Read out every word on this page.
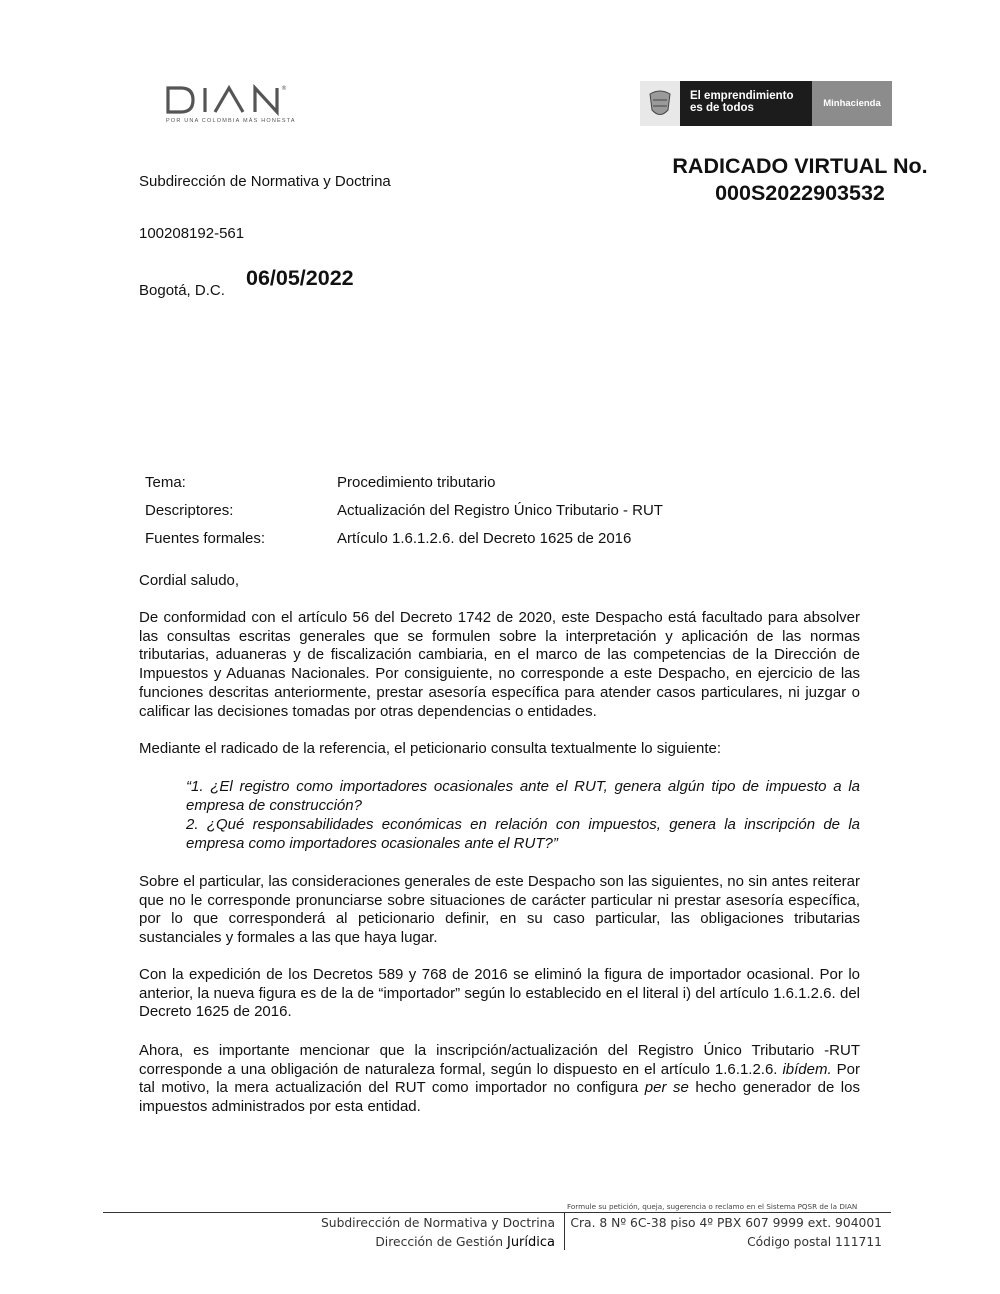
®
POR UNA COLOMBIA MÁS HONESTA
El emprendimiento
es de todos	Minhacienda
Subdirección de Normativa y Doctrina
RADICADO VIRTUAL No.
000S2022903532
100208192-561
Bogotá, D.C.
06/05/2022
Tema:	Procedimiento tributario
Descriptores:	Actualización del Registro Único Tributario - RUT
Fuentes formales:	Artículo 1.6.1.2.6. del Decreto 1625 de 2016
Cordial saludo,
De conformidad con el artículo 56 del Decreto 1742 de 2020, este Despacho está facultado para absolver las consultas escritas generales que se formulen sobre la interpretación y aplicación de las normas tributarias, aduaneras y de fiscalización cambiaria, en el marco de las competencias de la Dirección de Impuestos y Aduanas Nacionales. Por consiguiente, no corresponde a este Despacho, en ejercicio de las funciones descritas anteriormente, prestar asesoría específica para atender casos particulares, ni juzgar o calificar las decisiones tomadas por otras dependencias o entidades.
Mediante el radicado de la referencia, el peticionario consulta textualmente lo siguiente:
“1. ¿El registro como importadores ocasionales ante el RUT, genera algún tipo de impuesto a la empresa de construcción?
2. ¿Qué responsabilidades económicas en relación con impuestos, genera la inscripción de la empresa como importadores ocasionales ante el RUT?”
Sobre el particular, las consideraciones generales de este Despacho son las siguientes, no sin antes reiterar que no le corresponde pronunciarse sobre situaciones de carácter particular ni prestar asesoría específica, por lo que corresponderá al peticionario definir, en su caso particular, las obligaciones tributarias sustanciales y formales a las que haya lugar.
Con la expedición de los Decretos 589 y 768 de 2016 se eliminó la figura de importador ocasional. Por lo anterior, la nueva figura es de la de “importador” según lo establecido en el literal i) del artículo 1.6.1.2.6. del Decreto 1625 de 2016.
Ahora, es importante mencionar que la inscripción/actualización del Registro Único Tributario -RUT corresponde a una obligación de naturaleza formal, según lo dispuesto en el artículo 1.6.1.2.6. ibídem. Por tal motivo, la mera actualización del RUT como importador no configura per se hecho generador de los impuestos administrados por esta entidad.
Formule su petición, queja, sugerencia o reclamo en el Sistema PQSR de la DIAN
Subdirección de Normativa y Doctrina
Dirección de Gestión Jurídica
Cra. 8 Nº 6C-38 piso 4º PBX 607 9999 ext. 904001
Código postal 111711
